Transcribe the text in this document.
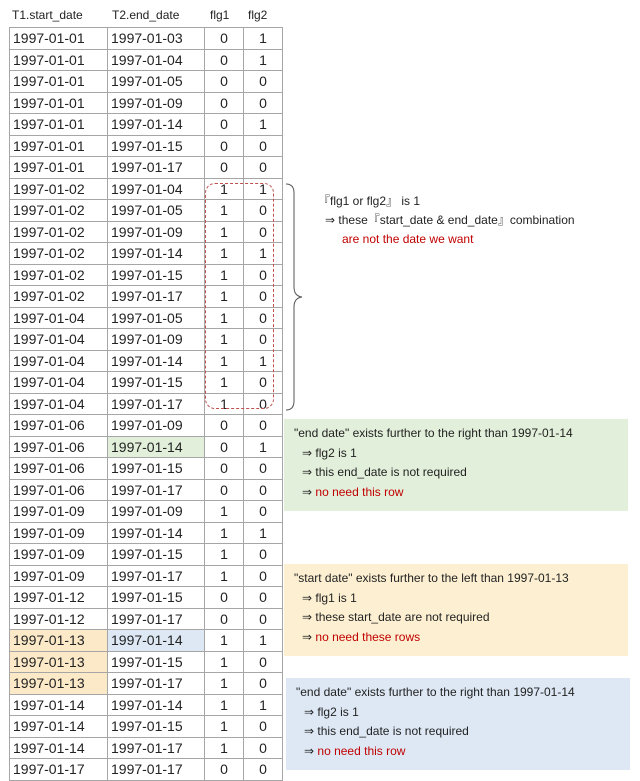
T1.start_date T2.end_date	flg1 flg2
1997-01-01	1997-01-03	0	1
1997-01-01	1997-01-04	0	1
1997-01-01	1997-01-05	0	0
1997-01-01	1997-01-09	0	0
1997-01-01	1997-01-14	0	1
1997-01-01	1997-01-15	0	0
1997-01-01	1997-01-17	0	0
1997-01-02	1997-01-04	1	1
1997-01-02	1997-01-05	1	0
1997-01-02	1997-01-09	1	0
1997-01-02	1997-01-14	1	1
1997-01-02	1997-01-15	1	0
1997-01-02	1997-01-17	1	0
1997-01-04	1997-01-05	1	0
1997-01-04	1997-01-09	1	0
1997-01-04	1997-01-14	1	1
1997-01-04	1997-01-15	1	0
1997-01-04	1997-01-17	1	0
1997-01-06	1997-01-09	0	0
1997-01-06	1997-01-14	0	1
1997-01-06	1997-01-15	0	0
1997-01-06	1997-01-17	0	0
1997-01-09	1997-01-09	1	0
1997-01-09	1997-01-14	1	1
1997-01-09	1997-01-15	1	0
1997-01-09	1997-01-17	1	0
1997-01-12	1997-01-15	0	0
1997-01-12	1997-01-17	0	0
1997-01-13	1997-01-14	1	1
1997-01-13	1997-01-15	1	0
1997-01-13	1997-01-17	1	0
1997-01-14	1997-01-14	1	1
1997-01-14	1997-01-15	1	0
1997-01-14	1997-01-17	1	0
1997-01-17	1997-01-17	0	0
『flg1 or flg2』 is 1
⇒ these『start_date & end_date』combination
are not the date we want
"end date" exists further to the right than 1997-01-14
⇒ flg2 is 1
⇒ this end_date is not required
⇒ no need this row
"start date" exists further to the left than 1997-01-13
⇒ flg1 is 1
⇒ these start_date are not required
⇒ no need these rows
"end date" exists further to the right than 1997-01-14
⇒ flg2 is 1
⇒ this end_date is not required
⇒ no need this row
